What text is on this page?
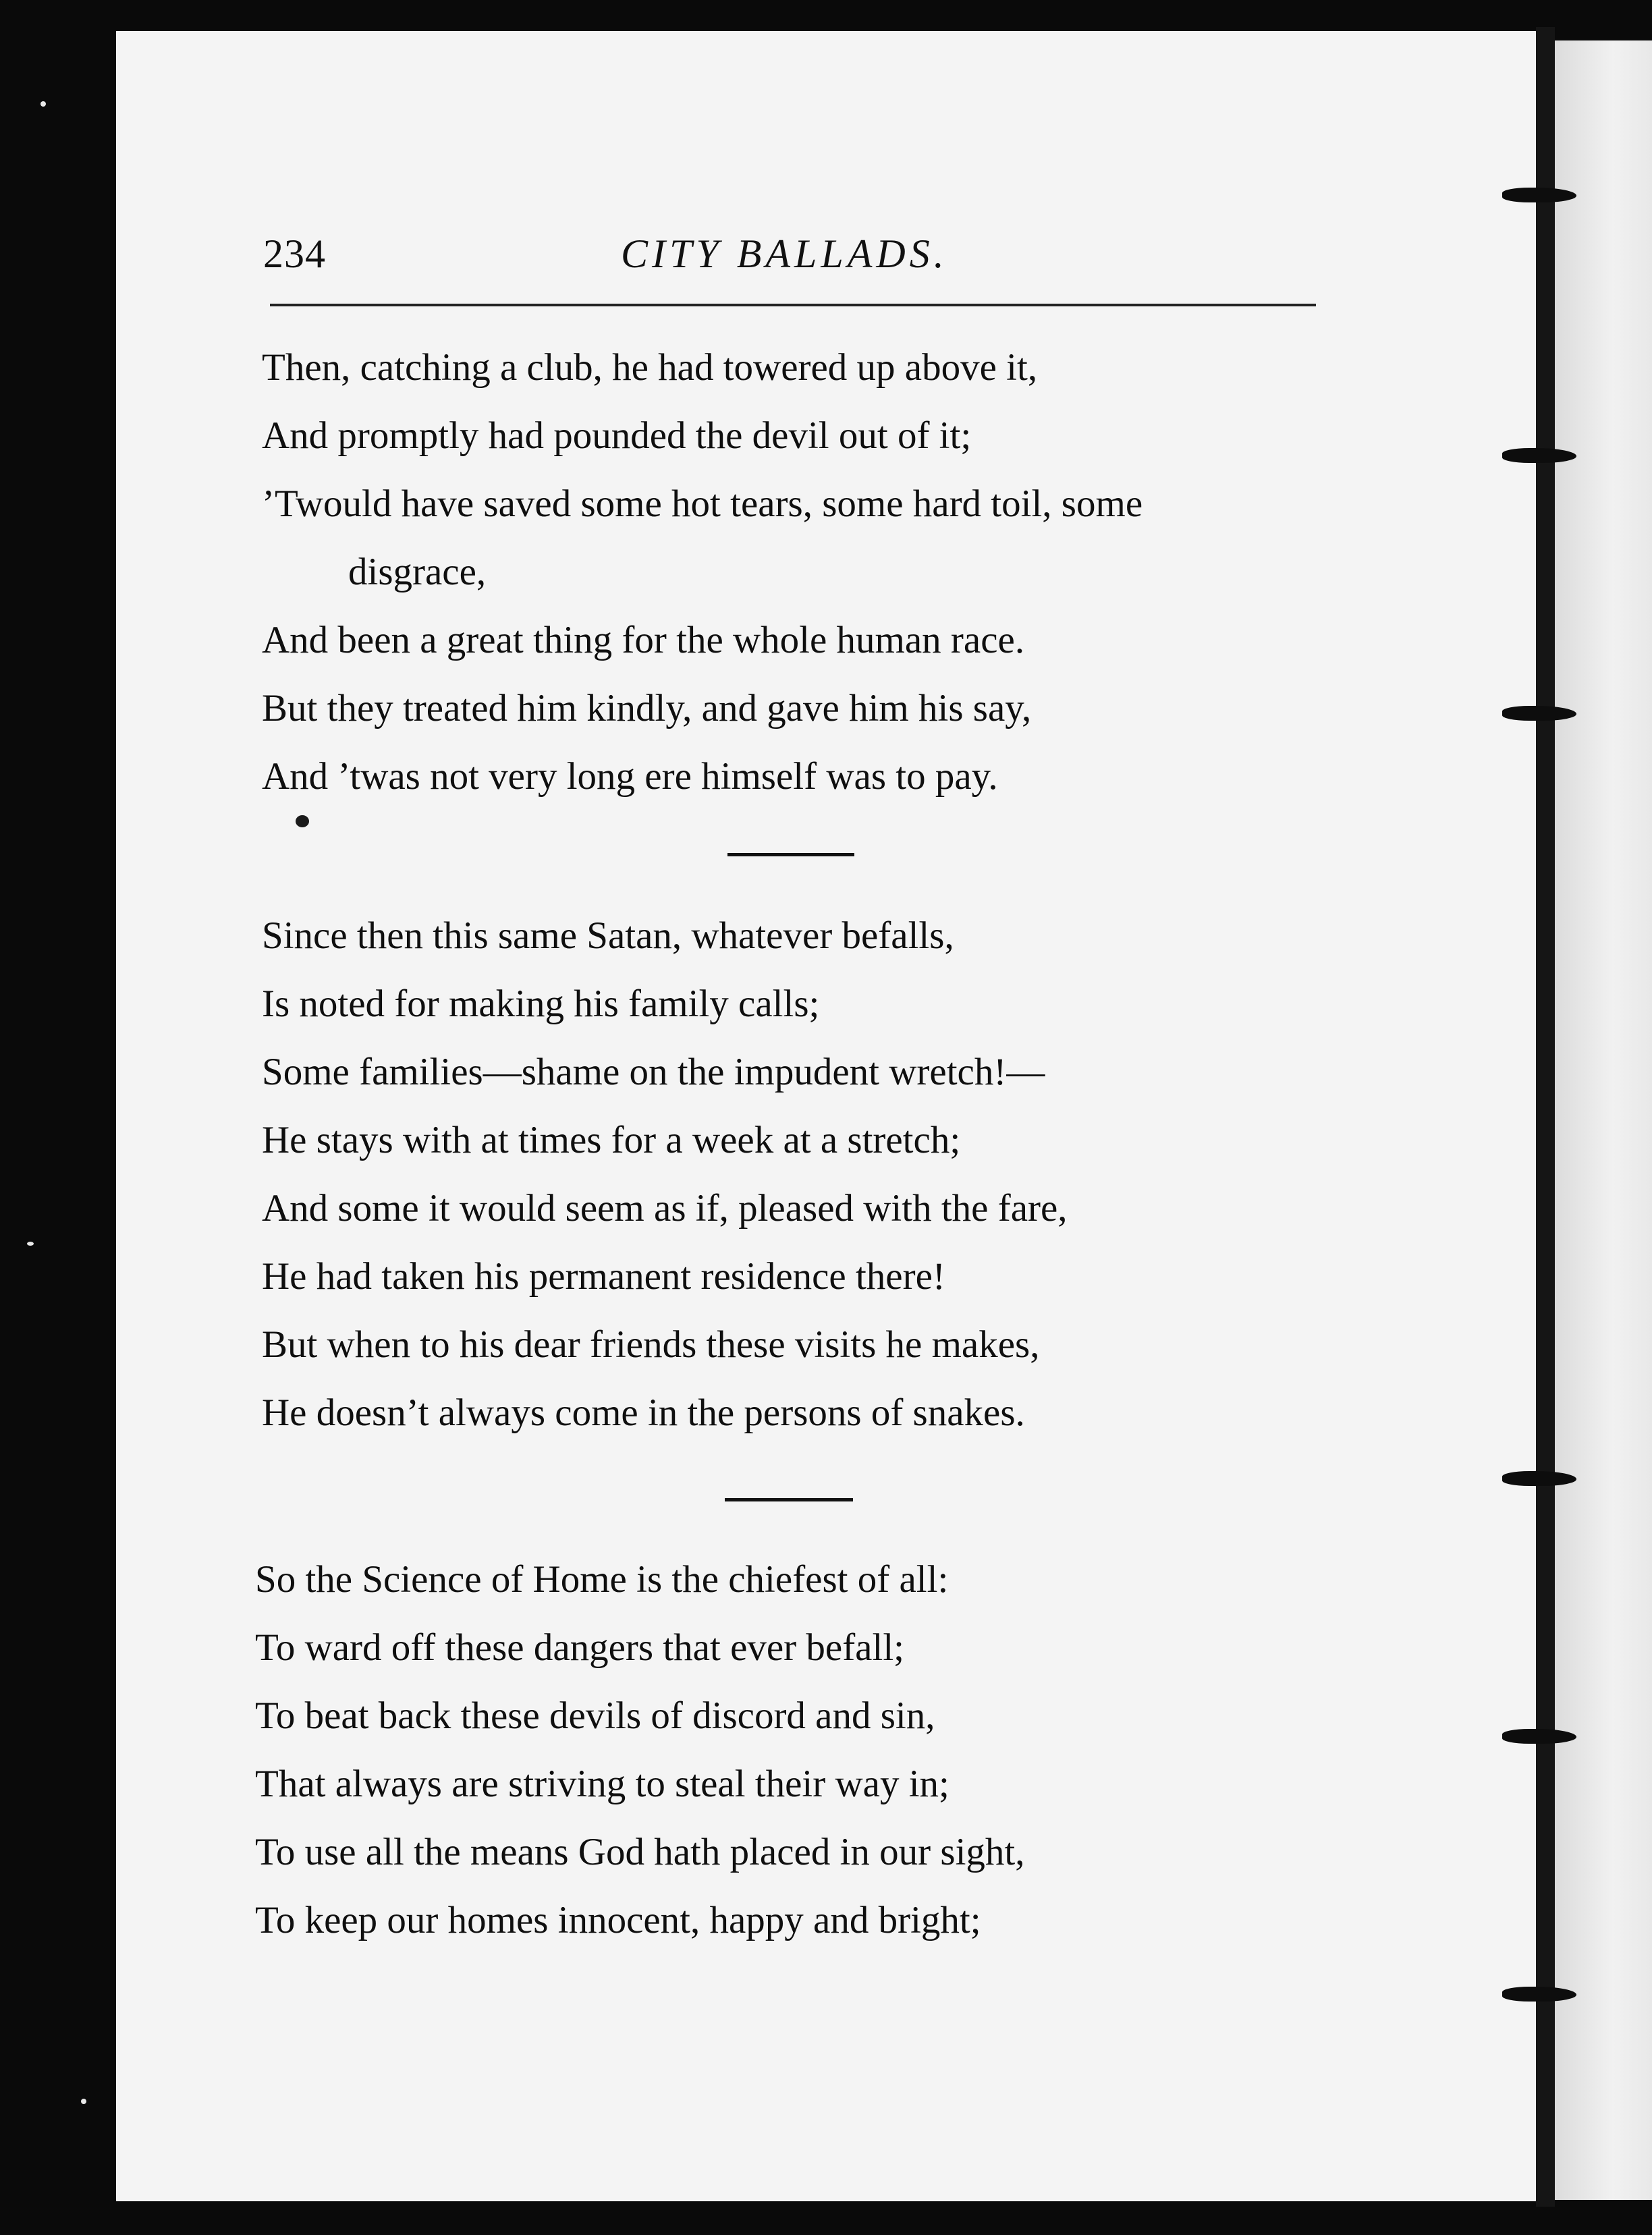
234	CITY BALLADS.
Then, catching a club, he had towered up above it,
And promptly had pounded the devil out of it;
’Twould have saved some hot tears, some hard toil, some
disgrace,
And been a great thing for the whole human race.
But they treated him kindly, and gave him his say,
And ’twas not very long ere himself was to pay.
Since then this same Satan, whatever befalls,
Is noted for making his family calls;
Some families—shame on the impudent wretch!—
He stays with at times for a week at a stretch;
And some it would seem as if, pleased with the fare,
He had taken his permanent residence there!
But when to his dear friends these visits he makes,
He doesn’t always come in the persons of snakes.
So the Science of Home is the chiefest of all:
To ward off these dangers that ever befall;
To beat back these devils of discord and sin,
That always are striving to steal their way in;
To use all the means God hath placed in our sight,
To keep our homes innocent, happy and bright;
